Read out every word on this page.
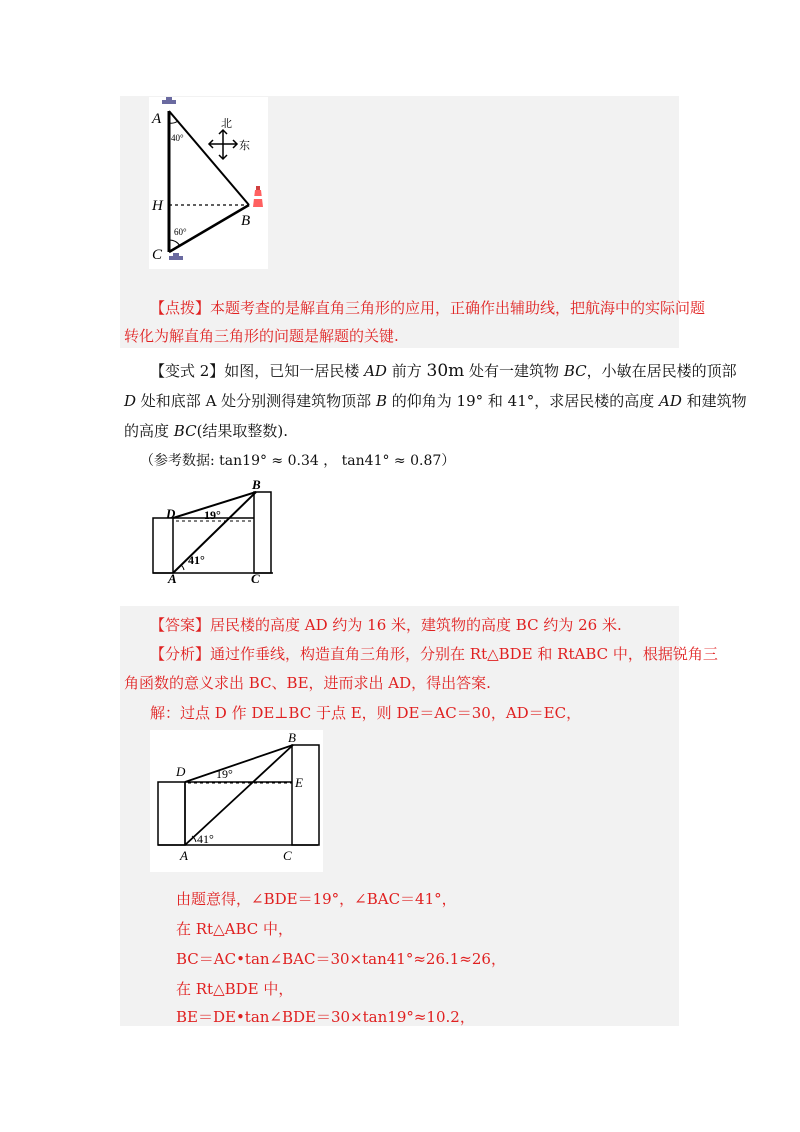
北
东
A
40°
H
C
60°
B
【点拨】本题考查的是解直角三角形的应用，正确作出辅助线，把航海中的实际问题
转化为解直角三角形的问题是解题的关键.
【变式 2】如图，已知一居民楼 AD 前方 30m 处有一建筑物 BC，小敏在居民楼的顶部
D 处和底部 A 处分别测得建筑物顶部 B 的仰角为 19° 和 41°，求居民楼的高度 AD 和建筑物
的高度 BC(结果取整数).
（参考数据: tan19° ≈ 0.34 ， tan41° ≈ 0.87）
B
D 19°
41°
A	C
【答案】居民楼的高度 AD 约为 16 米，建筑物的高度 BC 约为 26 米.
【分析】通过作垂线，构造直角三角形，分别在 Rt△BDE 和 RtABC 中，根据锐角三
角函数的意义求出 BC、BE，进而求出 AD，得出答案.
解：过点 D 作 DE⊥BC 于点 E，则 DE＝AC＝30，AD＝EC，
B
D	19°
E
41°
A	C
由题意得，∠BDE＝19°，∠BAC＝41°，
在 Rt△ABC 中，
BC＝AC•tan∠BAC＝30×tan41°≈26.1≈26，
在 Rt△BDE 中，
BE＝DE•tan∠BDE＝30×tan19°≈10.2，
